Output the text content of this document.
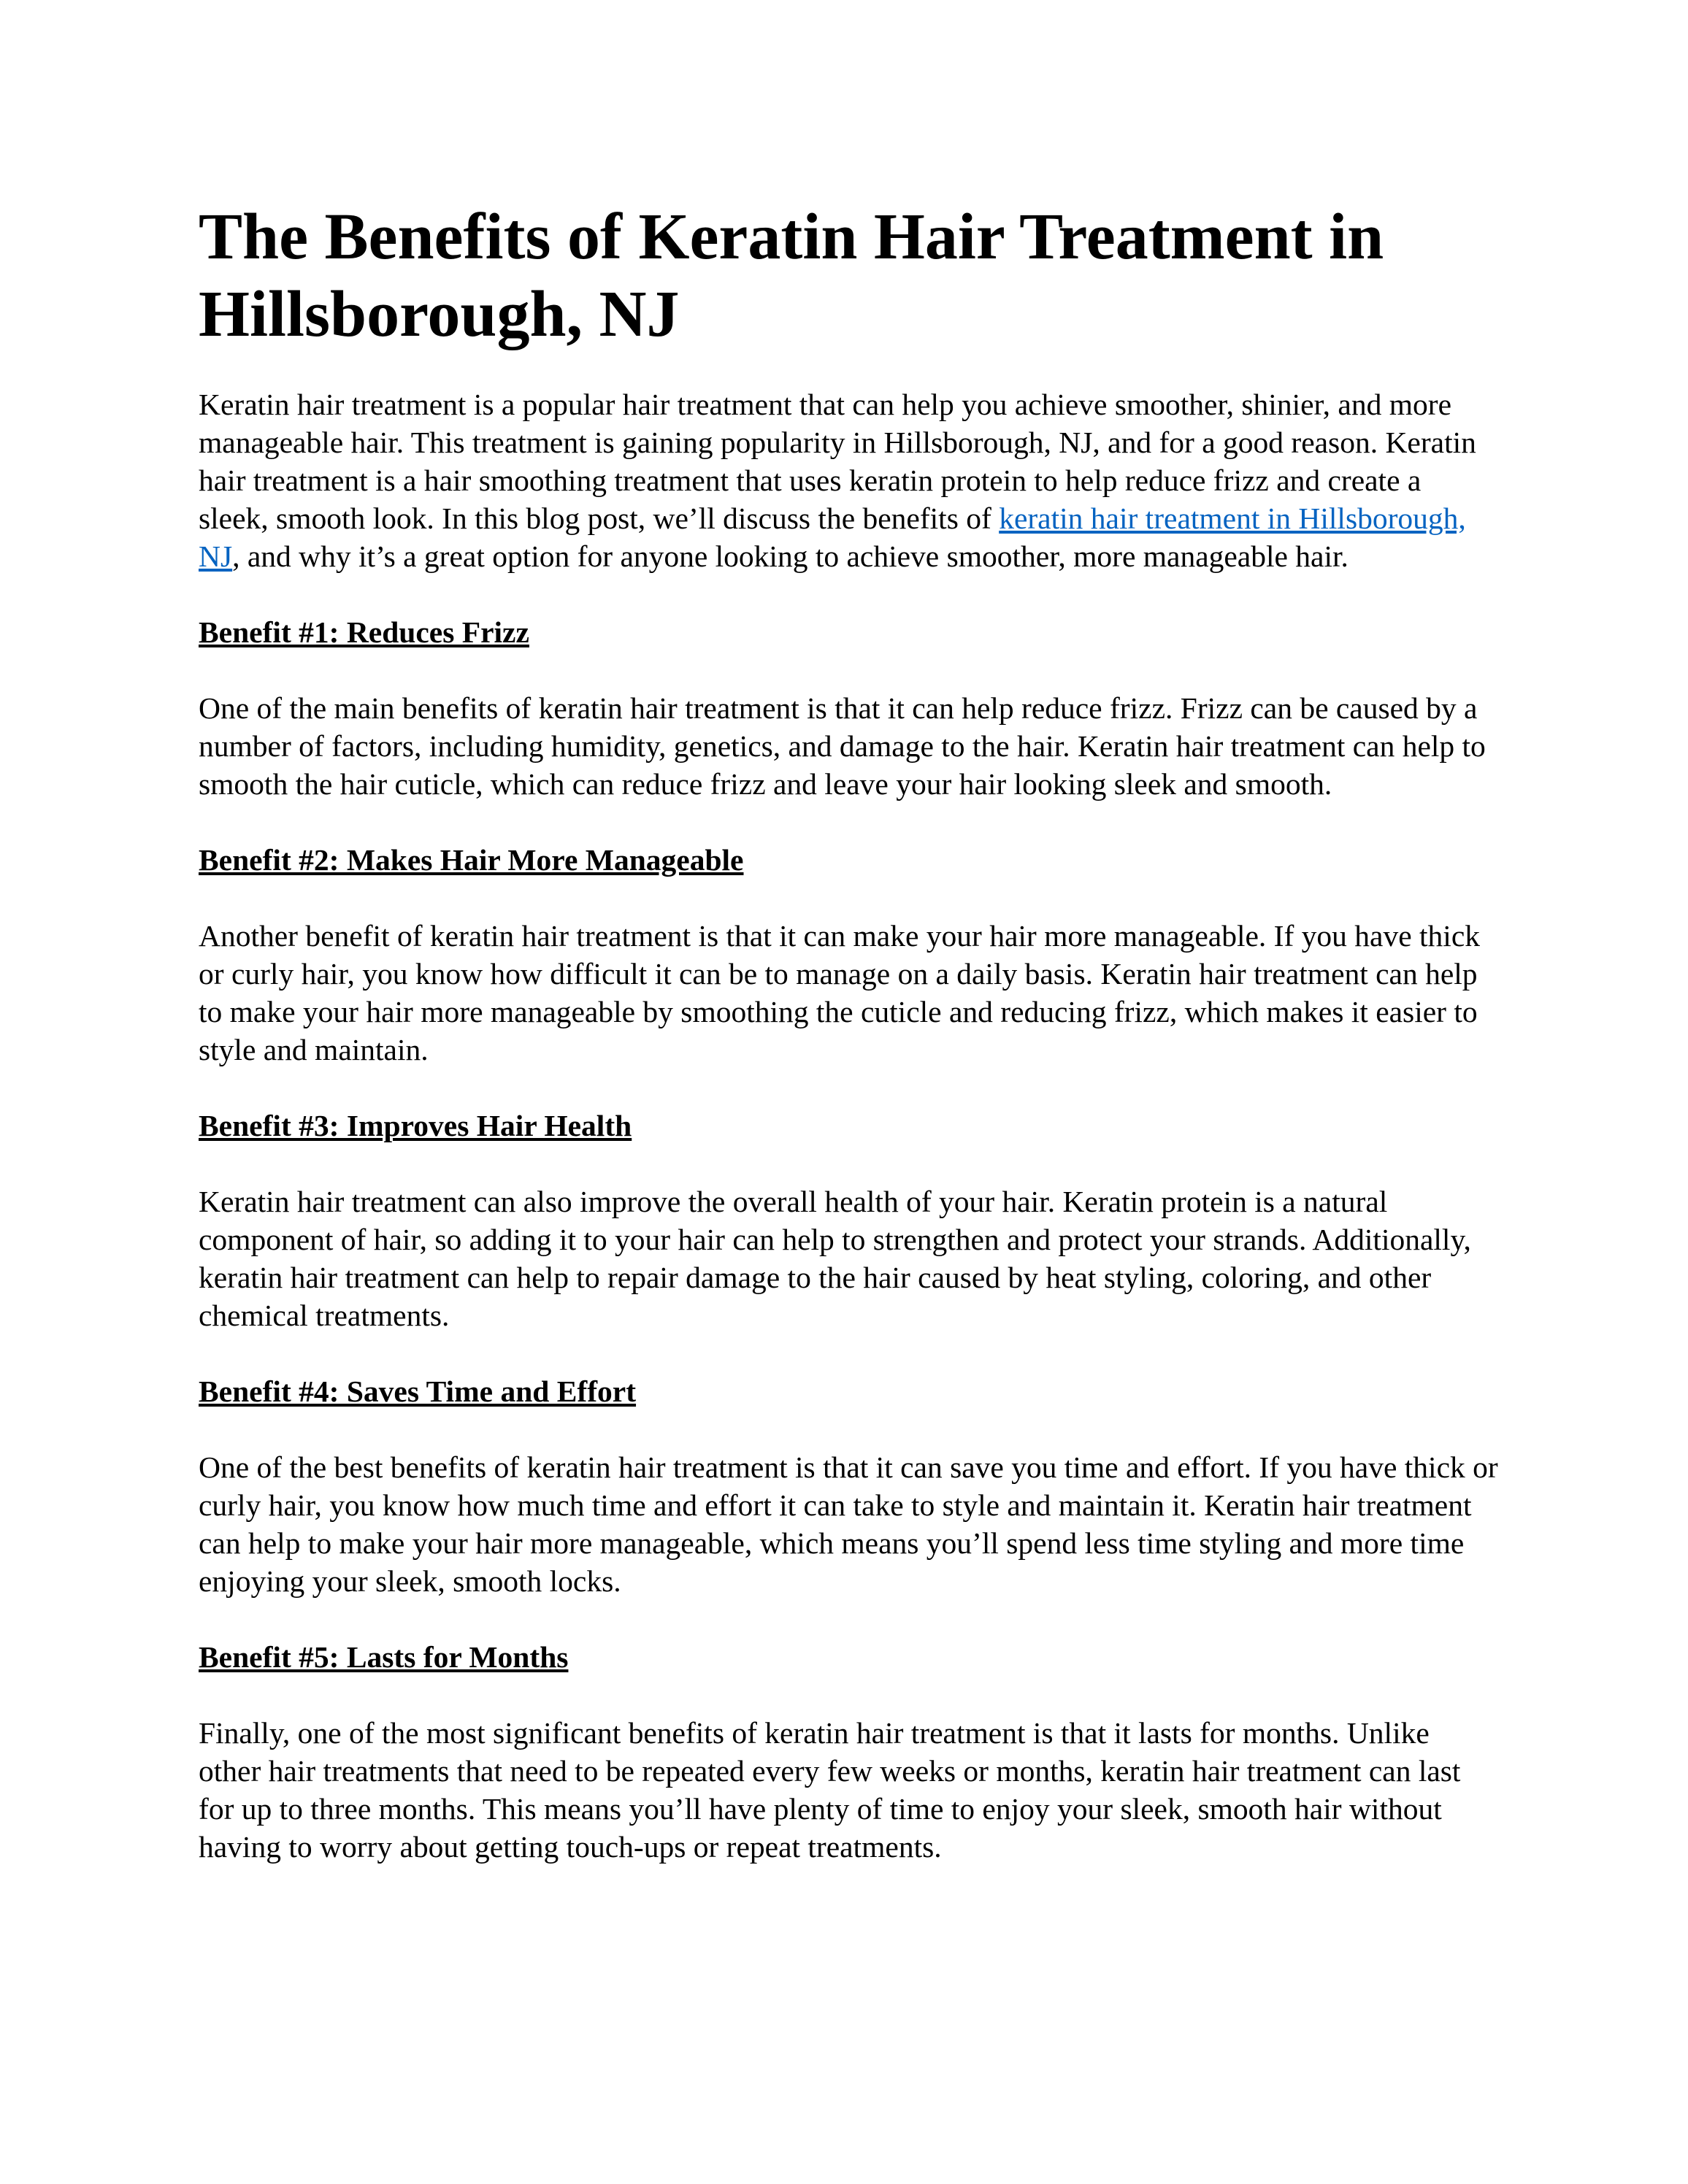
The Benefits of Keratin Hair Treatment in Hillsborough, NJ

Keratin hair treatment is a popular hair treatment that can help you achieve smoother, shinier, and more manageable hair. This treatment is gaining popularity in Hillsborough, NJ, and for a good reason. Keratin hair treatment is a hair smoothing treatment that uses keratin protein to help reduce frizz and create a sleek, smooth look. In this blog post, we’ll discuss the benefits of keratin hair treatment in Hillsborough, NJ, and why it’s a great option for anyone looking to achieve smoother, more manageable hair.

Benefit #1: Reduces Frizz

One of the main benefits of keratin hair treatment is that it can help reduce frizz. Frizz can be caused by a number of factors, including humidity, genetics, and damage to the hair. Keratin hair treatment can help to smooth the hair cuticle, which can reduce frizz and leave your hair looking sleek and smooth.

Benefit #2: Makes Hair More Manageable

Another benefit of keratin hair treatment is that it can make your hair more manageable. If you have thick or curly hair, you know how difficult it can be to manage on a daily basis. Keratin hair treatment can help to make your hair more manageable by smoothing the cuticle and reducing frizz, which makes it easier to style and maintain.

Benefit #3: Improves Hair Health

Keratin hair treatment can also improve the overall health of your hair. Keratin protein is a natural component of hair, so adding it to your hair can help to strengthen and protect your strands. Additionally, keratin hair treatment can help to repair damage to the hair caused by heat styling, coloring, and other chemical treatments.

Benefit #4: Saves Time and Effort

One of the best benefits of keratin hair treatment is that it can save you time and effort. If you have thick or curly hair, you know how much time and effort it can take to style and maintain it. Keratin hair treatment can help to make your hair more manageable, which means you’ll spend less time styling and more time enjoying your sleek, smooth locks.

Benefit #5: Lasts for Months

Finally, one of the most significant benefits of keratin hair treatment is that it lasts for months. Unlike other hair treatments that need to be repeated every few weeks or months, keratin hair treatment can last for up to three months. This means you’ll have plenty of time to enjoy your sleek, smooth hair without having to worry about getting touch-ups or repeat treatments.
